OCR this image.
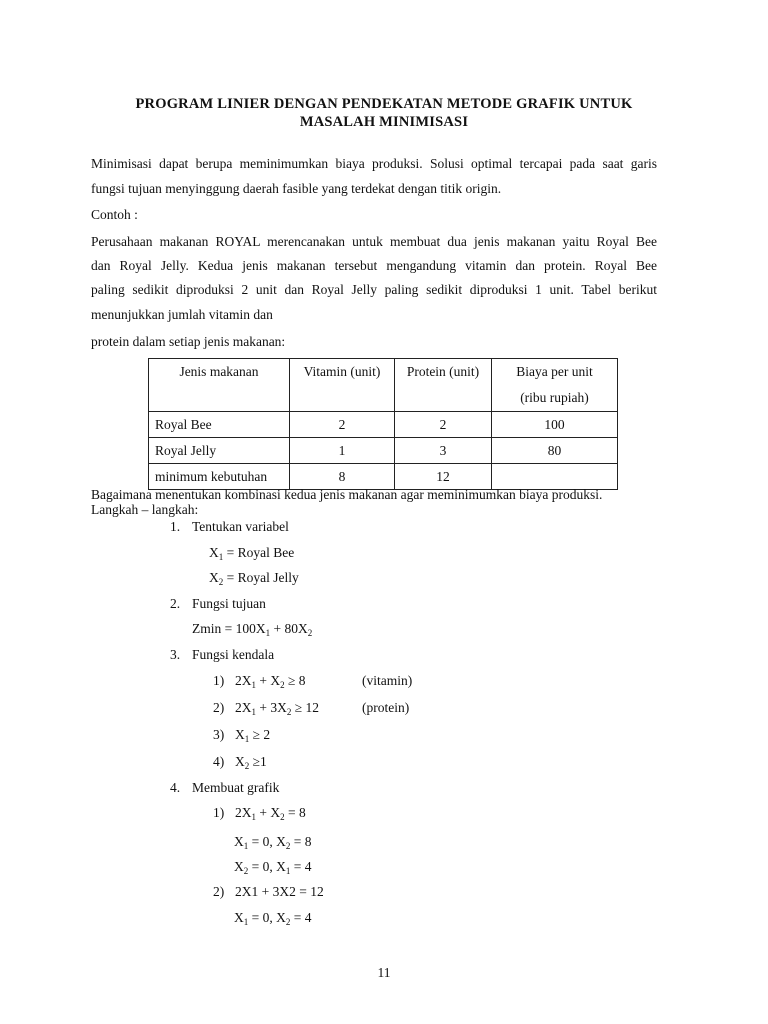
PROGRAM LINIER DENGAN PENDEKATAN METODE GRAFIK UNTUK
MASALAH MINIMISASI
Minimisasi dapat berupa meminimumkan biaya produksi. Solusi optimal tercapai pada saat garis
fungsi tujuan menyinggung daerah fasible yang terdekat dengan titik origin.
Contoh :
Perusahaan makanan ROYAL merencanakan untuk membuat dua jenis makanan yaitu Royal Bee
dan Royal Jelly. Kedua jenis makanan tersebut mengandung vitamin dan protein. Royal Bee
paling sedikit diproduksi 2 unit dan Royal Jelly paling sedikit diproduksi 1 unit. Tabel berikut
menunjukkan jumlah vitamin dan
protein dalam setiap jenis makanan:
Jenis makanan	Vitamin (unit)	Protein (unit)	Biaya per unit
(ribu rupiah)

Royal Bee	2	2	100
Royal Jelly	1	3	80
minimum kebutuhan	8	12	
Bagaimana menentukan kombinasi kedua jenis makanan agar meminimumkan biaya produksi.
Langkah – langkah:
1. Tentukan variabel
$X_1$ = Royal Bee
$X_2$ = Royal Jelly
2. Fungsi tujuan
$Zmin = 100X_1 + 80X_2$
3. Fungsi kendala
1) $2X_1 + X_2 \ge 8$	(vitamin)
2) $2X_1 + 3X_2 \ge 12$	(protein)
3) $X_1 \ge 2$
4) $X_2 \ge 1$
4. Membuat grafik
1) $2X_1 + X_2 = 8$
$X_1 = 0$, $X_2 = 8$
$X_2 = 0$, $X_1 = 4$
2) 2X1 + 3X2 = 12
$X_1 = 0$, $X_2 = 4$
11
